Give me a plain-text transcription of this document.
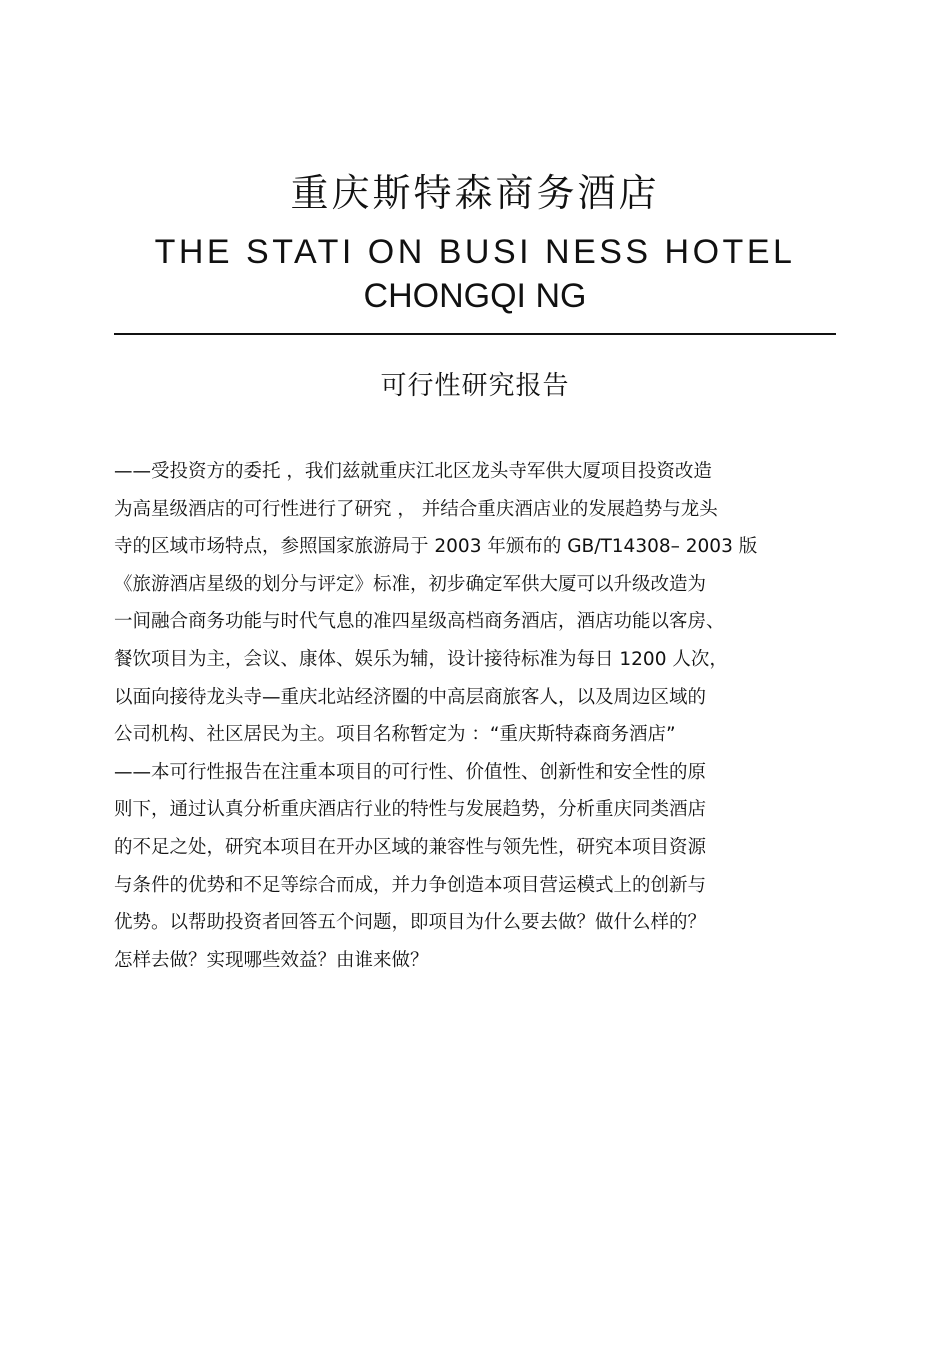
重庆斯特森商务酒店
THE STATI ON BUSI NESS HOTEL
CHONGQI NG
可行性研究报告
——受投资方的委托 ，我们兹就重庆江北区龙头寺军供大厦项目投资改造
为高星级酒店的可行性进行了研究 ， 并结合重庆酒店业的发展趋势与龙头
寺的区域市场特点，参照国家旅游局于 2003 年颁布的 GB/T14308– 2003 版
《旅游酒店星级的划分与评定》标准，初步确定军供大厦可以升级改造为
一间融合商务功能与时代气息的准四星级高档商务酒店，酒店功能以客房、
餐饮项目为主，会议、康体、娱乐为辅，设计接待标准为每日 1200 人次，
以面向接待龙头寺—重庆北站经济圈的中高层商旅客人，以及周边区域的
公司机构、社区居民为主。项目名称暂定为 ：“重庆斯特森商务酒店”
——本可行性报告在注重本项目的可行性、价值性、创新性和安全性的原
则下，通过认真分析重庆酒店行业的特性与发展趋势，分析重庆同类酒店
的不足之处，研究本项目在开办区域的兼容性与领先性，研究本项目资源
与条件的优势和不足等综合而成，并力争创造本项目营运模式上的创新与
优势。以帮助投资者回答五个问题，即项目为什么要去做？做什么样的？
怎样去做？实现哪些效益？由谁来做？
